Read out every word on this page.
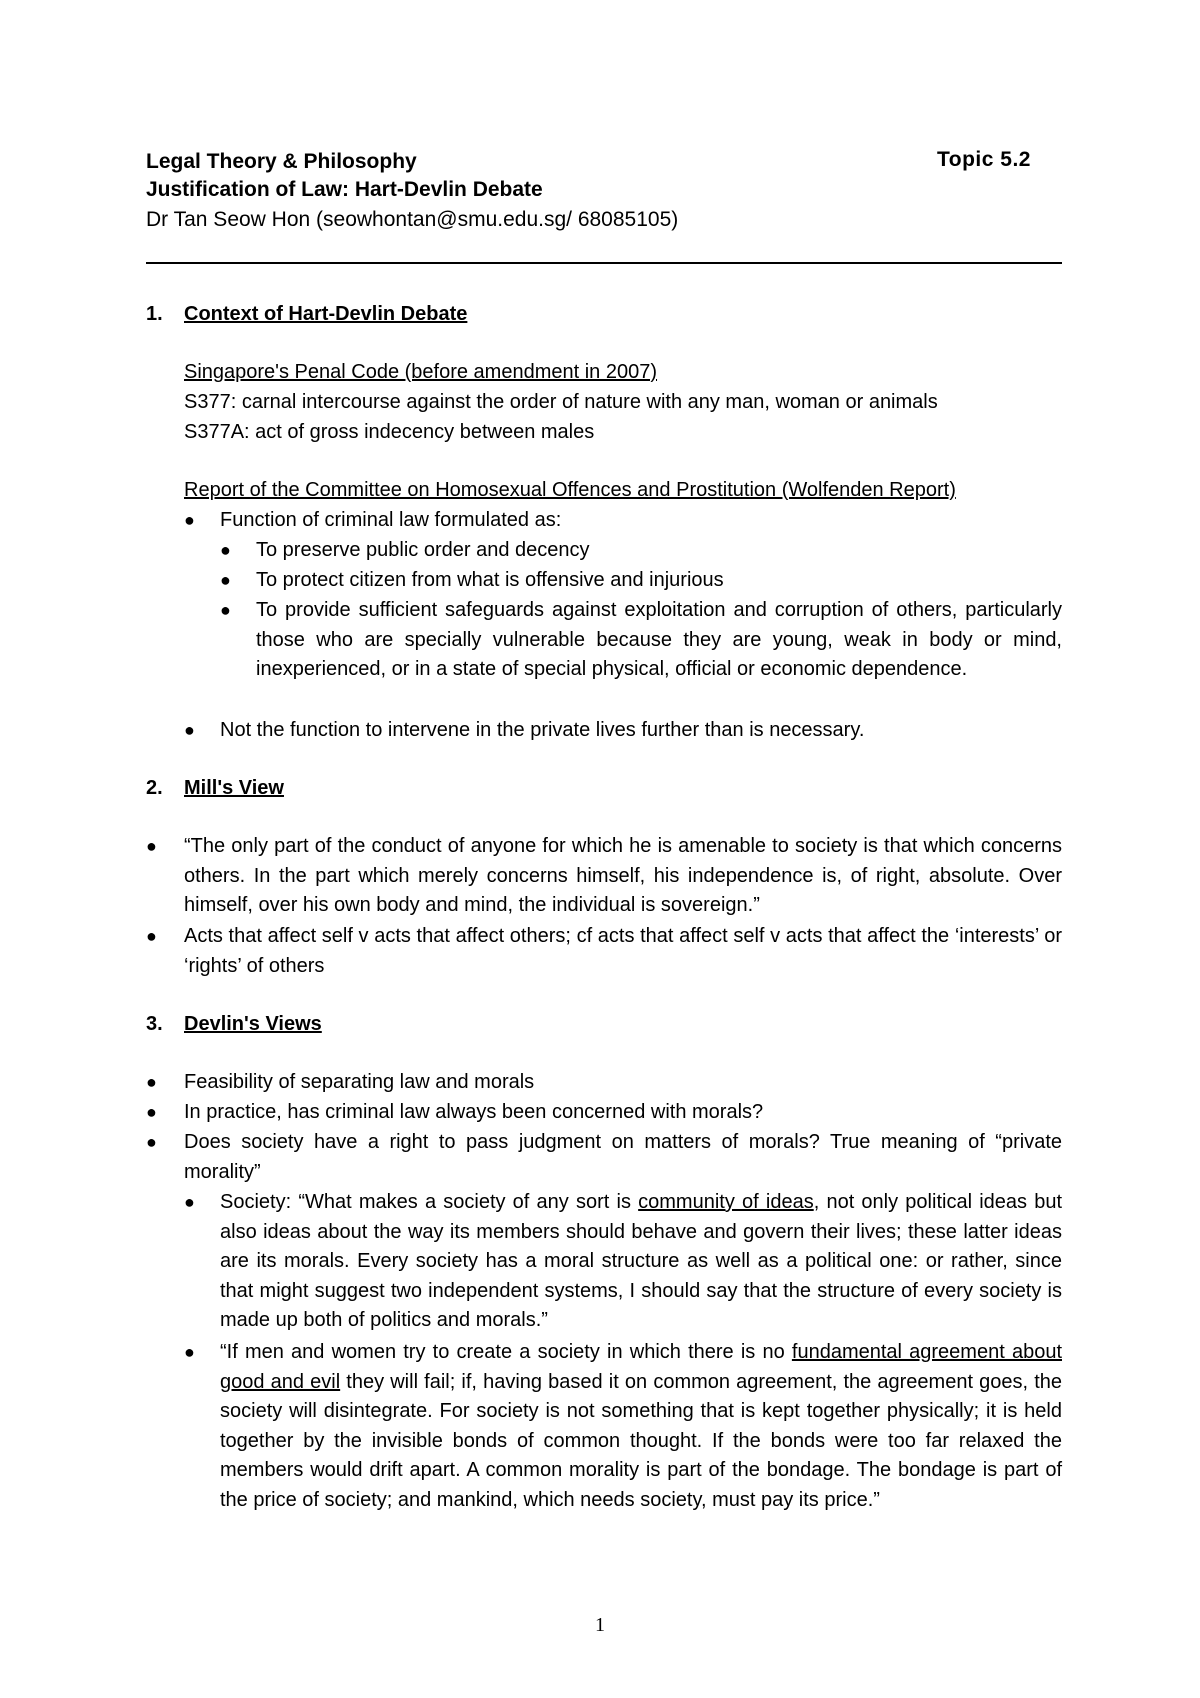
Legal Theory & Philosophy	Topic 5.2
Justification of Law: Hart-Devlin Debate
Dr Tan Seow Hon (seowhontan@smu.edu.sg/ 68085105)
1. Context of Hart-Devlin Debate
Singapore's Penal Code (before amendment in 2007)
S377: carnal intercourse against the order of nature with any man, woman or animals
S377A: act of gross indecency between males
Report of the Committee on Homosexual Offences and Prostitution (Wolfenden Report)
● Function of criminal law formulated as:
● To preserve public order and decency
● To protect citizen from what is offensive and injurious
● To provide sufficient safeguards against exploitation and corruption of others, particularly those who are specially vulnerable because they are young, weak in body or mind, inexperienced, or in a state of special physical, official or economic dependence.
● Not the function to intervene in the private lives further than is necessary.
2. Mill's View
● “The only part of the conduct of anyone for which he is amenable to society is that which concerns others. In the part which merely concerns himself, his independence is, of right, absolute. Over himself, over his own body and mind, the individual is sovereign.”
● Acts that affect self v acts that affect others; cf acts that affect self v acts that affect the ‘interests’ or ‘rights’ of others
3. Devlin's Views
● Feasibility of separating law and morals
● In practice, has criminal law always been concerned with morals?
● Does society have a right to pass judgment on matters of morals? True meaning of “private morality”
● Society: “What makes a society of any sort is community of ideas, not only political ideas but also ideas about the way its members should behave and govern their lives; these latter ideas are its morals. Every society has a moral structure as well as a political one: or rather, since that might suggest two independent systems, I should say that the structure of every society is made up both of politics and morals.”
● “If men and women try to create a society in which there is no fundamental agreement about good and evil they will fail; if, having based it on common agreement, the agreement goes, the society will disintegrate. For society is not something that is kept together physically; it is held together by the invisible bonds of common thought. If the bonds were too far relaxed the members would drift apart. A common morality is part of the bondage. The bondage is part of the price of society; and mankind, which needs society, must pay its price.”
1
